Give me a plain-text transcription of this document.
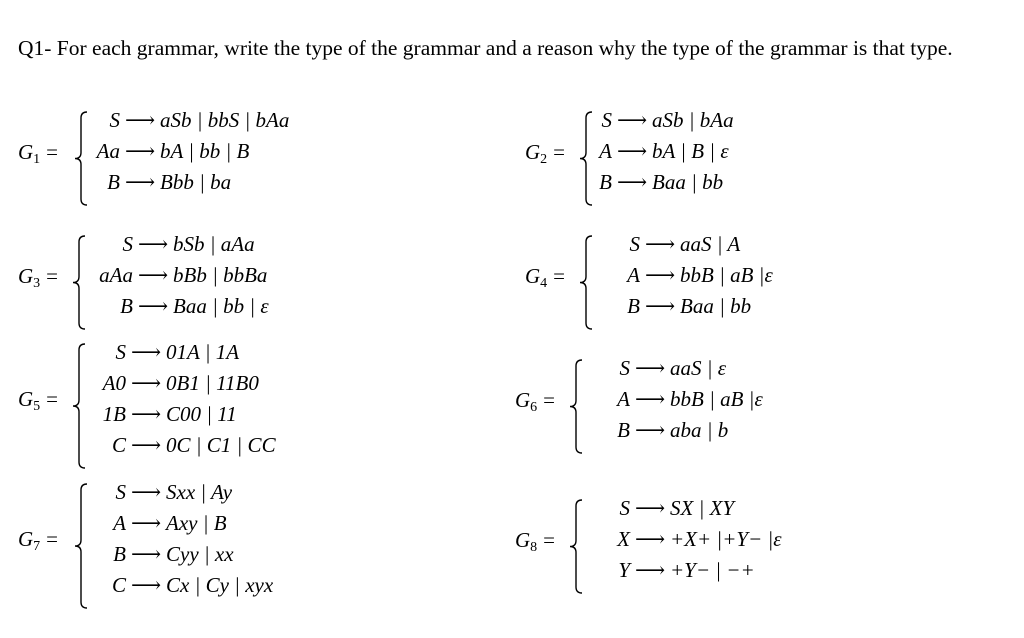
Q1- For each grammar, write the type of the grammar and a reason why the type of the grammar is that type.
$G_1$ =
S ⟶ aSb | bbS | bAa
Aa ⟶ bA | bb | B
B ⟶ Bbb | ba
$G_2$ =
S ⟶ aSb | bAa
A ⟶ bA | B | ε
B ⟶ Baa | bb
$G_3$ =
S ⟶ bSb | aAa
aAa ⟶ bBb | bbBa
B ⟶ Baa | bb | ε
$G_4$ =
S ⟶ aaS | A
A ⟶ bbB | aB |ε
B ⟶ Baa | bb
$G_5$ =
S ⟶ 01A | 1A
A0 ⟶ 0B1 | 11B0
1B ⟶ C00 | 11
C ⟶ 0C | C1 | CC
$G_6$ =
S ⟶ aaS | ε
A ⟶ bbB | aB |ε
B ⟶ aba | b
$G_7$ =
S ⟶ Sxx | Ay
A ⟶ Axy | B
B ⟶ Cyy | xx
C ⟶ Cx | Cy | xyx
$G_8$ =
S ⟶ SX | XY
X ⟶ +X+ |+Y− |ε
Y ⟶ +Y− | −+
